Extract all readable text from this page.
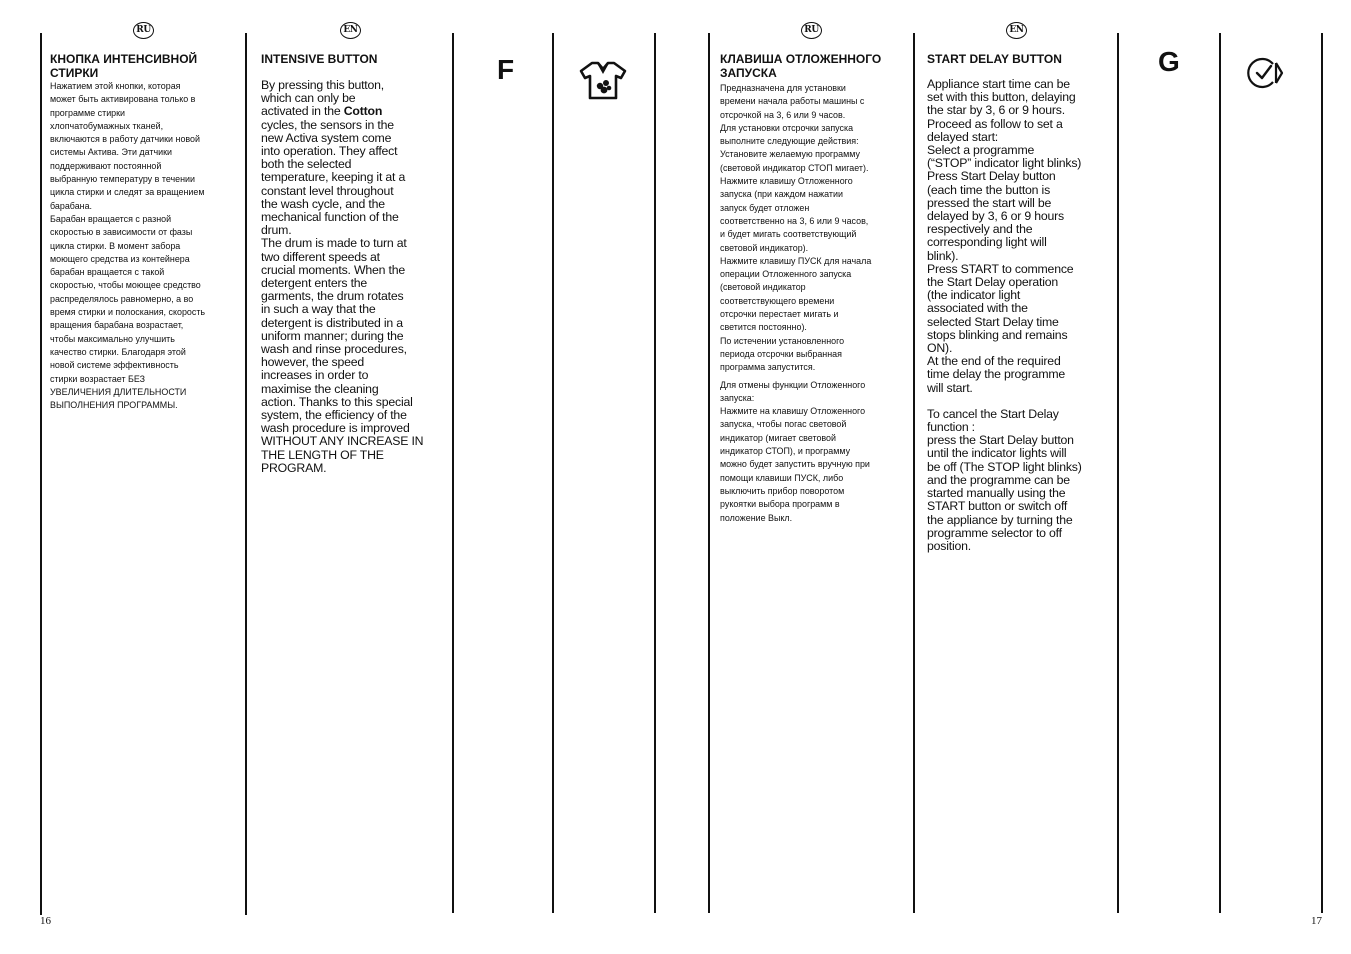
RU	EN	RU	EN
КНОПКА ИНТЕНСИВНОЙ СТИРКИ

Нажатием этой кнопки, которая
может быть активирована только в
программе стирки
хлопчатобумажных тканей,
включаются в работу датчики новой
системы Актива. Эти датчики
поддерживают постоянной
выбранную температуру в течении
цикла стирки и следят за вращением
барабана.
Барабан вращается с разной
скоростью в зависимости от фазы
цикла стирки. В момент забора
моющего средства из контейнера
барабан вращается с такой
скоростью, чтобы моющее средство
распределялось равномерно, а во
время стирки и полоскания, скорость
вращения барабана возрастает,
чтобы максимально улучшить
качество стирки. Благодаря этой
новой системе эффективность
стирки возрастает БЕЗ
УВЕЛИЧЕНИЯ ДЛИТЕЛЬНОСТИ
ВЫПОЛНЕНИЯ ПРОГРАММЫ.

INTENSIVE BUTTON

By pressing this button,
which can only be
activated in the Cotton
cycles, the sensors in the
new Activa system come
into operation. They affect
both the selected
temperature, keeping it at a
constant level throughout
the wash cycle, and the
mechanical function of the
drum.
The drum is made to turn at
two different speeds at
crucial moments. When the
detergent enters the
garments, the drum rotates
in such a way that the
detergent is distributed in a
uniform manner; during the
wash and rinse procedures,
however, the speed
increases in order to
maximise the cleaning
action. Thanks to this special
system, the efficiency of the
wash procedure is improved
WITHOUT ANY INCREASE IN
THE LENGTH OF THE
PROGRAM.

F	КЛАВИША ОТЛОЖЕННОГО ЗАПУСКА

Предназначена для установки
времени начала работы машины с
отсрочкой на 3, 6 или 9 часов.
Для установки отсрочки запуска
выполните следующие действия:
Установите желаемую программу
(световой индикатор СТОП мигает).
Нажмите клавишу Отложенного
запуска (при каждом нажатии
запуск будет отложен
соответственно на 3, 6 или 9 часов,
и будет мигать соответствующий
световой индикатор).
Нажмите клавишу ПУСК для начала
операции Отложенного запуска
(световой индикатор
соответствующего времени
отсрочки перестает мигать и
светится постоянно).
По истечении установленного
периода отсрочки выбранная
программа запустится.

Для отмены функции Отложенного
запуска:
Нажмите на клавишу Отложенного
запуска, чтобы погас световой
индикатор (мигает световой
индикатор СТОП), и программу
можно будет запустить вручную при
помощи клавиши ПУСК, либо
выключить прибор поворотом
рукоятки выбора программ в
положение Выкл.

START DELAY BUTTON

Appliance start time can be
set with this button, delaying
the star by 3, 6 or 9 hours.
Proceed as follow to set a
delayed start:
Select a programme
(“STOP” indicator light blinks)
Press Start Delay button
(each time the button is
pressed the start will be
delayed by 3, 6 or 9 hours
respectively and the
corresponding light will
blink).
Press START to commence
the Start Delay operation
(the indicator light
associated with the
selected Start Delay time
stops blinking and remains
ON).
At the end of the required
time delay the programme
will start.

To cancel the Start Delay
function :
press the Start Delay button
until the indicator lights will
be off (The STOP light blinks)
and the programme can be
started manually using the
START button or switch off
the appliance by turning the
programme selector to off
position.

G
16	17
